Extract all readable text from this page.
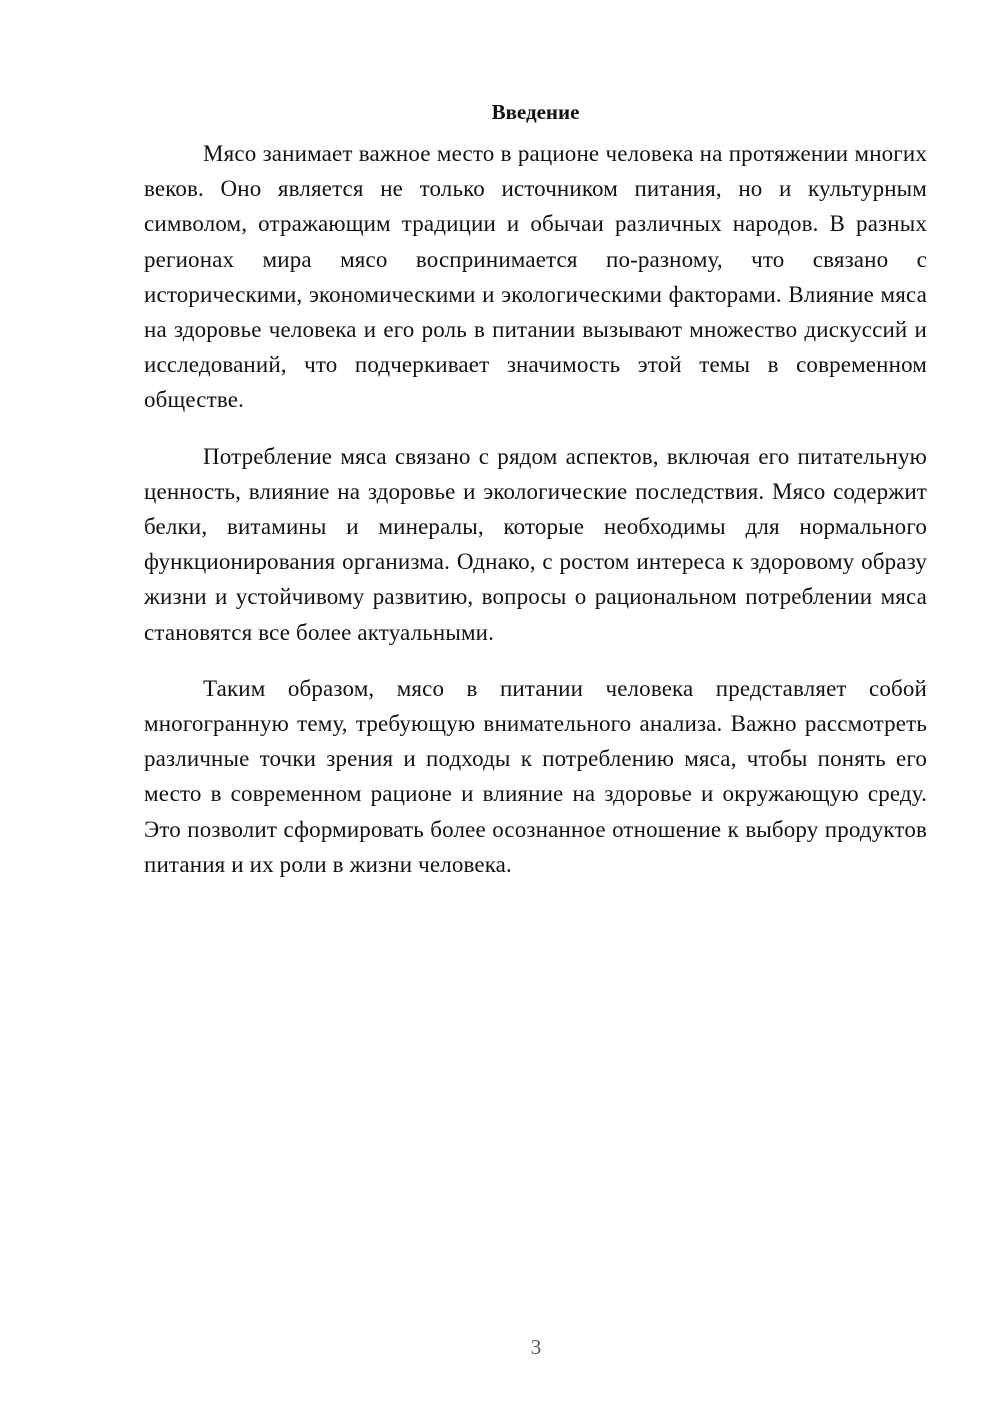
Введение

Мясо занимает важное место в рационе человека на протяжении многих веков. Оно является не только источником питания, но и культурным символом, отражающим традиции и обычаи различных народов. В разных регионах мира мясо воспринимается по-разному, что связано с историческими, экономическими и экологическими факторами. Влияние мяса на здоровье человека и его роль в питании вызывают множество дискуссий и исследований, что подчеркивает значимость этой темы в современном обществе.

Потребление мяса связано с рядом аспектов, включая его питательную ценность, влияние на здоровье и экологические последствия. Мясо содержит белки, витамины и минералы, которые необходимы для нормального функционирования организма. Однако, с ростом интереса к здоровому образу жизни и устойчивому развитию, вопросы о рациональном потреблении мяса становятся все более актуальными.

Таким образом, мясо в питании человека представляет собой многогранную тему, требующую внимательного анализа. Важно рассмотреть различные точки зрения и подходы к потреблению мяса, чтобы понять его место в современном рационе и влияние на здоровье и окружающую среду. Это позволит сформировать более осознанное отношение к выбору продуктов питания и их роли в жизни человека.

3
